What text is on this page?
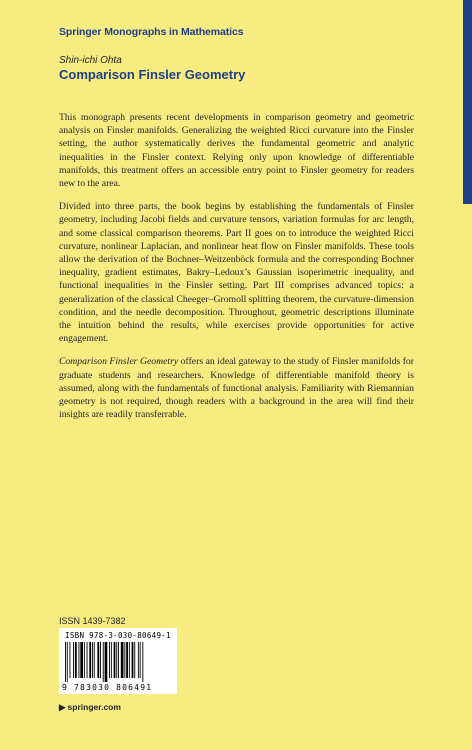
Springer Monographs in Mathematics
Shin-ichi Ohta
Comparison Finsler Geometry

This monograph presents recent developments in comparison geometry and geometric analysis on Finsler manifolds. Generalizing the weighted Ricci curvature into the Finsler setting, the author systematically derives the fundamental geometric and analytic inequalities in the Finsler context. Relying only upon knowledge of differentiable manifolds, this treatment offers an accessible entry point to Finsler geometry for readers new to the area.

Divided into three parts, the book begins by establishing the fundamentals of Finsler geometry, including Jacobi fields and curvature tensors, variation formulas for arc length, and some classical comparison theorems. Part II goes on to introduce the weighted Ricci curvature, nonlinear Laplacian, and nonlinear heat flow on Finsler manifolds. These tools allow the derivation of the Bochner–Weitzenböck formula and the corresponding Bochner inequality, gradient estimates, Bakry–Ledoux’s Gaussian isoperimetric inequality, and functional inequalities in the Finsler setting. Part III comprises advanced topics: a generalization of the classical Cheeger–Gromoll splitting theorem, the curvature-dimension condition, and the needle decomposition. Throughout, geometric descriptions illuminate the intuition behind the results, while exercises provide opportunities for active engagement.

Comparison Finsler Geometry offers an ideal gateway to the study of Finsler manifolds for graduate students and researchers. Knowledge of differentiable manifold theory is assumed, along with the fundamentals of functional analysis. Familiarity with Riemannian geometry is not required, though readers with a background in the area will find their insights are readily transferrable.

ISSN 1439-7382
ISBN 978-3-030-80649-1
9 783030 806491
▶ springer.com
